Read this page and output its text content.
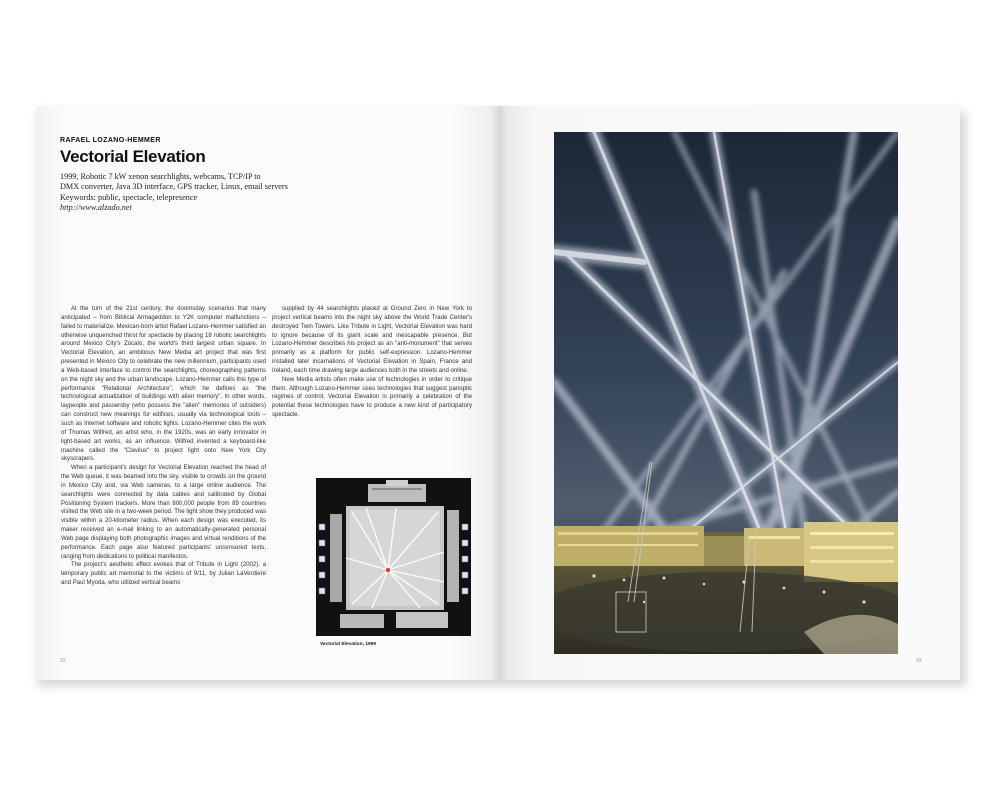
RAFAEL LOZANO-HEMMER
Vectorial Elevation
1999, Robotic 7 kW xenon searchlights, webcams, TCP/IP to
DMX converter, Java 3D interface, GPS tracker, Linux, email servers
Keywords: public, spectacle, telepresence
http://www.alzado.net

At the turn of the 21st century, the doomsday scenarios that many anticipated – from Biblical Armageddon to Y2K computer malfunctions – failed to materialize. Mexican-born artist Rafael Lozano-Hemmer satisfied an otherwise unquenched thirst for spectacle by placing 18 robotic searchlights around Mexico City's Zócalo, the world's third largest urban square. In Vectorial Elevation, an ambitious New Media art project that was first presented in Mexico City to celebrate the new millennium, participants used a Web-based interface to control the searchlights, choreographing patterns on the night sky and the urban landscape. Lozano-Hemmer calls this type of performance "Relational Architecture", which he defines as "the technological actualization of buildings with alien memory". In other words, laypeople and passersby (who possess the "alien" memories of outsiders) can construct new meanings for edifices, usually via technological tools – such as Internet software and robotic lights. Lozano-Hemmer cites the work of Thomas Wilfred, an artist who, in the 1920s, was an early innovator in light-based art works, as an influence. Wilfred invented a keyboard-like machine called the "Clavilux" to project light onto New York City skyscrapers.

When a participant's design for Vectorial Elevation reached the head of the Web queue, it was beamed into the sky, visible to crowds on the ground in Mexico City and, via Web cameras, to a large online audience. The searchlights were connected by data cables and calibrated by Global Positioning System trackers. More than 800,000 people from 89 countries visited the Web site in a two-week period. The light show they produced was visible within a 20-kilometer radius. When each design was executed, its maker received an e-mail linking to an automatically-generated personal Web page displaying both photographic images and virtual renditions of the performance. Each page also featured participants' uncensored texts, ranging from dedications to political manifestos.

The project's aesthetic effect evokes that of Tribute in Light (2002), a temporary public art memorial to the victims of 9/11, by Julian LaVerdiere and Paul Myoda, who utilized vertical beams

supplied by 44 searchlights placed at Ground Zero in New York to project vertical beams into the night sky above the World Trade Center's destroyed Twin Towers. Like Tribute in Light, Vectorial Elevation was hard to ignore because of its giant scale and inescapable presence. But Lozano-Hemmer describes his project as an "anti-monument" that serves primarily as a platform for public self-expression. Lozano-Hemmer installed later incarnations of Vectorial Elevation in Spain, France and Ireland, each time drawing large audiences both in the streets and online.

New Media artists often make use of technologies in order to critique them. Although Lozano-Hemmer uses technologies that suggest panoptic regimes of control, Vectorial Elevation is primarily a celebration of the potential these technologies have to produce a new kind of participatory spectacle.

Vectorial Elevation, 1999
92	93
